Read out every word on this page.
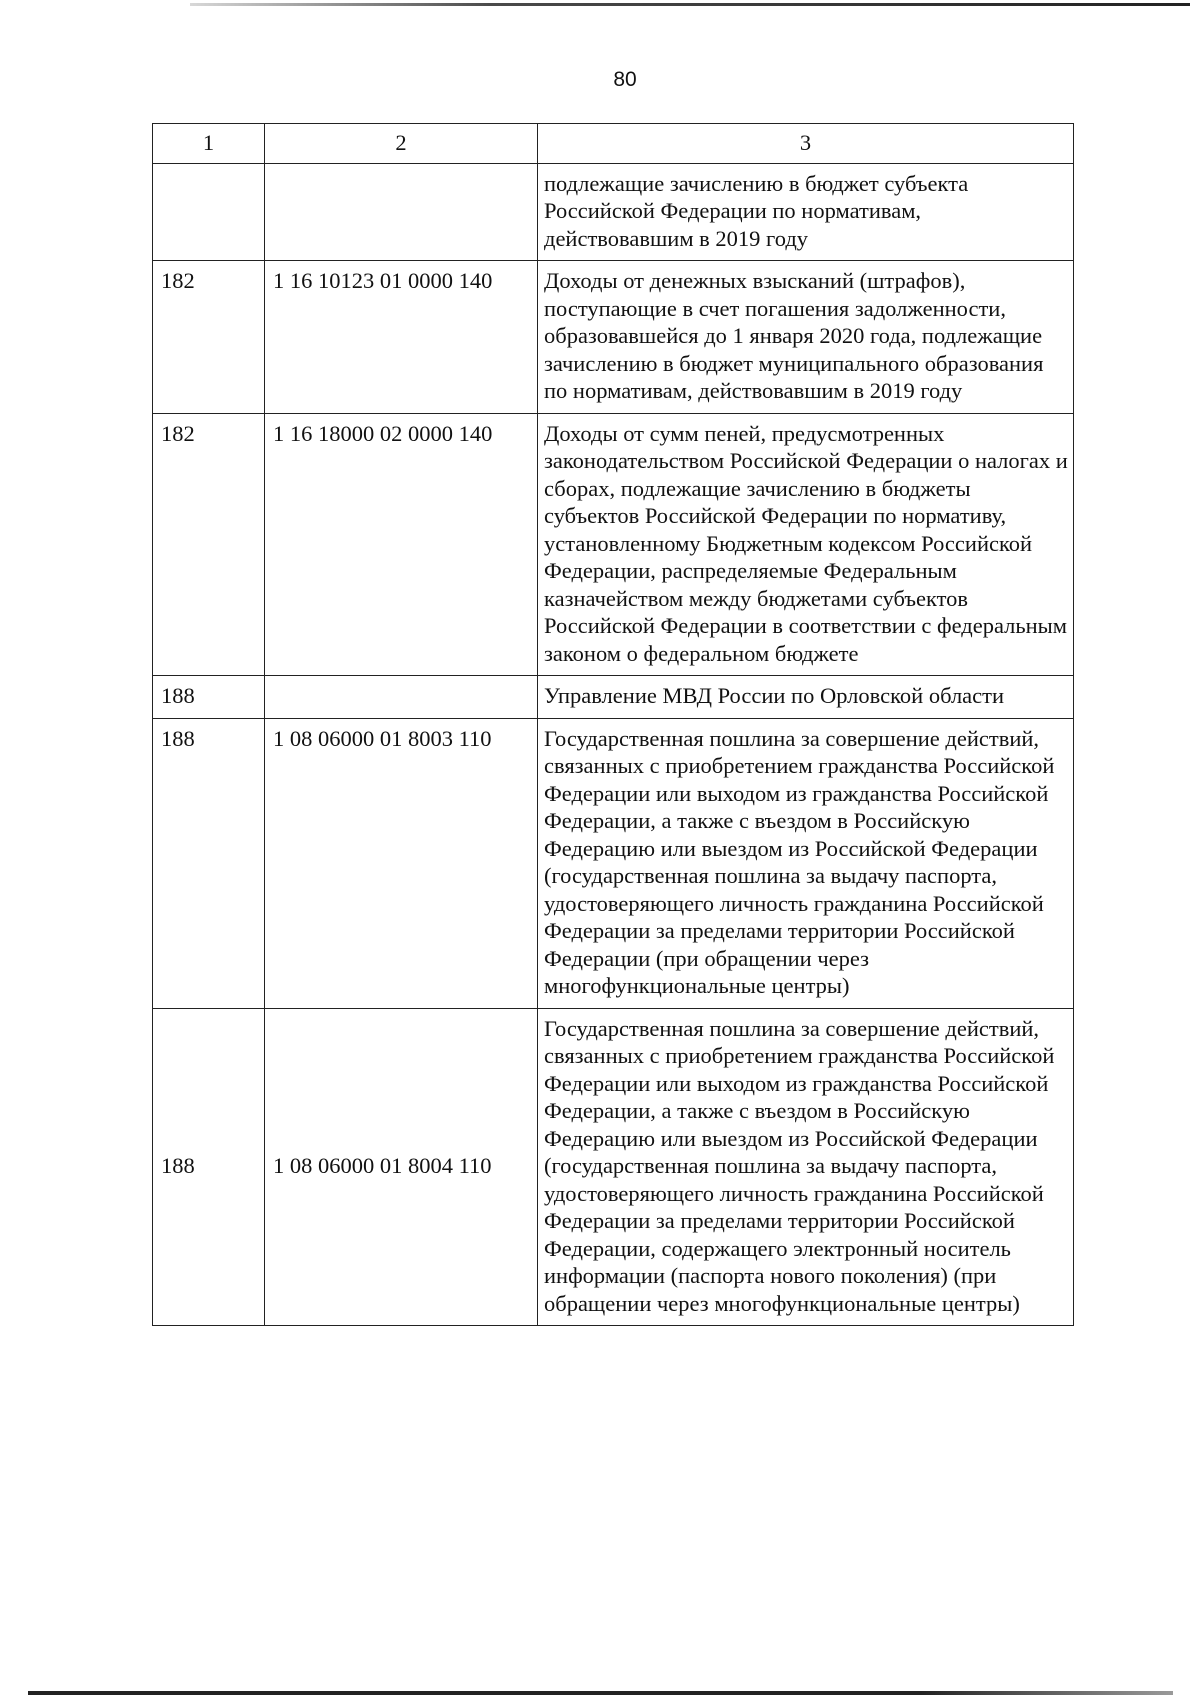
80
1	2	3
		подлежащие зачислению в бюджет субъекта Российской Федерации по нормативам, действовавшим в 2019 году
182	1 16 10123 01 0000 140	Доходы от денежных взысканий (штрафов), поступающие в счет погашения задолженности, образовавшейся до 1 января 2020 года, подлежащие зачислению в бюджет муниципального образования по нормативам, действовавшим в 2019 году
182	1 16 18000 02 0000 140	Доходы от сумм пеней, предусмотренных законодательством Российской Федерации о налогах и сборах, подлежащие зачислению в бюджеты субъектов Российской Федерации по нормативу, установленному Бюджетным кодексом Российской Федерации, распределяемые Федеральным казначейством между бюджетами субъектов Российской Федерации в соответствии с федеральным законом о федеральном бюджете
188		Управление МВД России по Орловской области
188	1 08 06000 01 8003 110	Государственная пошлина за совершение действий, связанных с приобретением гражданства Российской Федерации или выходом из гражданства Российской Федерации, а также с въездом в Российскую Федерацию или выездом из Российской Федерации (государственная пошлина за выдачу паспорта, удостоверяющего личность гражданина Российской Федерации за пределами территории Российской Федерации (при обращении через многофункциональные центры)
188	1 08 06000 01 8004 110	Государственная пошлина за совершение действий, связанных с приобретением гражданства Российской Федерации или выходом из гражданства Российской Федерации, а также с въездом в Российскую Федерацию или выездом из Российской Федерации (государственная пошлина за выдачу паспорта, удостоверяющего личность гражданина Российской Федерации за пределами территории Российской Федерации, содержащего электронный носитель информации (паспорта нового поколения) (при обращении через многофункциональные центры)
